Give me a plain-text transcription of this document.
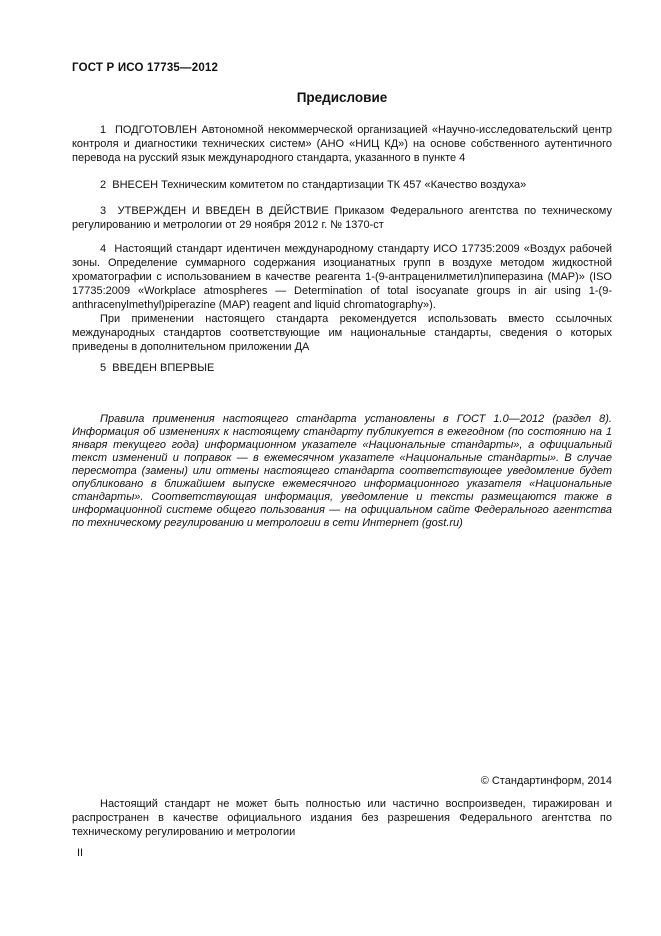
ГОСТ Р ИСО 17735—2012
Предисловие

1  ПОДГОТОВЛЕН Автономной некоммерческой организацией «Научно-исследовательский центр контроля и диагностики технических систем» (АНО «НИЦ КД») на основе собственного аутентичного перевода на русский язык международного стандарта, указанного в пункте 4

2  ВНЕСЕН Техническим комитетом по стандартизации ТК 457 «Качество воздуха»

3  УТВЕРЖДЕН И ВВЕДЕН В ДЕЙСТВИЕ Приказом Федерального агентства по техническому регулированию и метрологии от 29 ноября 2012 г. № 1370-ст

4  Настоящий стандарт идентичен международному стандарту ИСО 17735:2009 «Воздух рабочей зоны. Определение суммарного содержания изоцианатных групп в воздухе методом жидкостной хроматографии с использованием в качестве реагента 1-(9-антраценилметил)пиперазина (МАР)» (ISO 17735:2009 «Workplace atmospheres — Determination of total isocyanate groups in air using 1-(9-anthracenylmethyl)piperazine (MAP) reagent and liquid chromatography»).

При применении настоящего стандарта рекомендуется использовать вместо ссылочных международных стандартов соответствующие им национальные стандарты, сведения о которых приведены в дополнительном приложении ДА

5  ВВЕДЕН ВПЕРВЫЕ

Правила применения настоящего стандарта установлены в ГОСТ 1.0—2012 (раздел 8). Информация об изменениях к настоящему стандарту публикуется в ежегодном (по состоянию на 1 января текущего года) информационном указателе «Национальные стандарты», а официальный текст изменений и поправок — в ежемесячном указателе «Национальные стандарты». В случае пересмотра (замены) или отмены настоящего стандарта соответствующее уведомление будет опубликовано в ближайшем выпуске ежемесячного информационного указателя «Национальные стандарты». Соответствующая информация, уведомление и тексты размещаются также в информационной системе общего пользования — на официальном сайте Федерального агентства по техническому регулированию и метрологии в сети Интернет (gost.ru)

© Стандартинформ, 2014

Настоящий стандарт не может быть полностью или частично воспроизведен, тиражирован и распространен в качестве официального издания без разрешения Федерального агентства по техническому регулированию и метрологии

II
